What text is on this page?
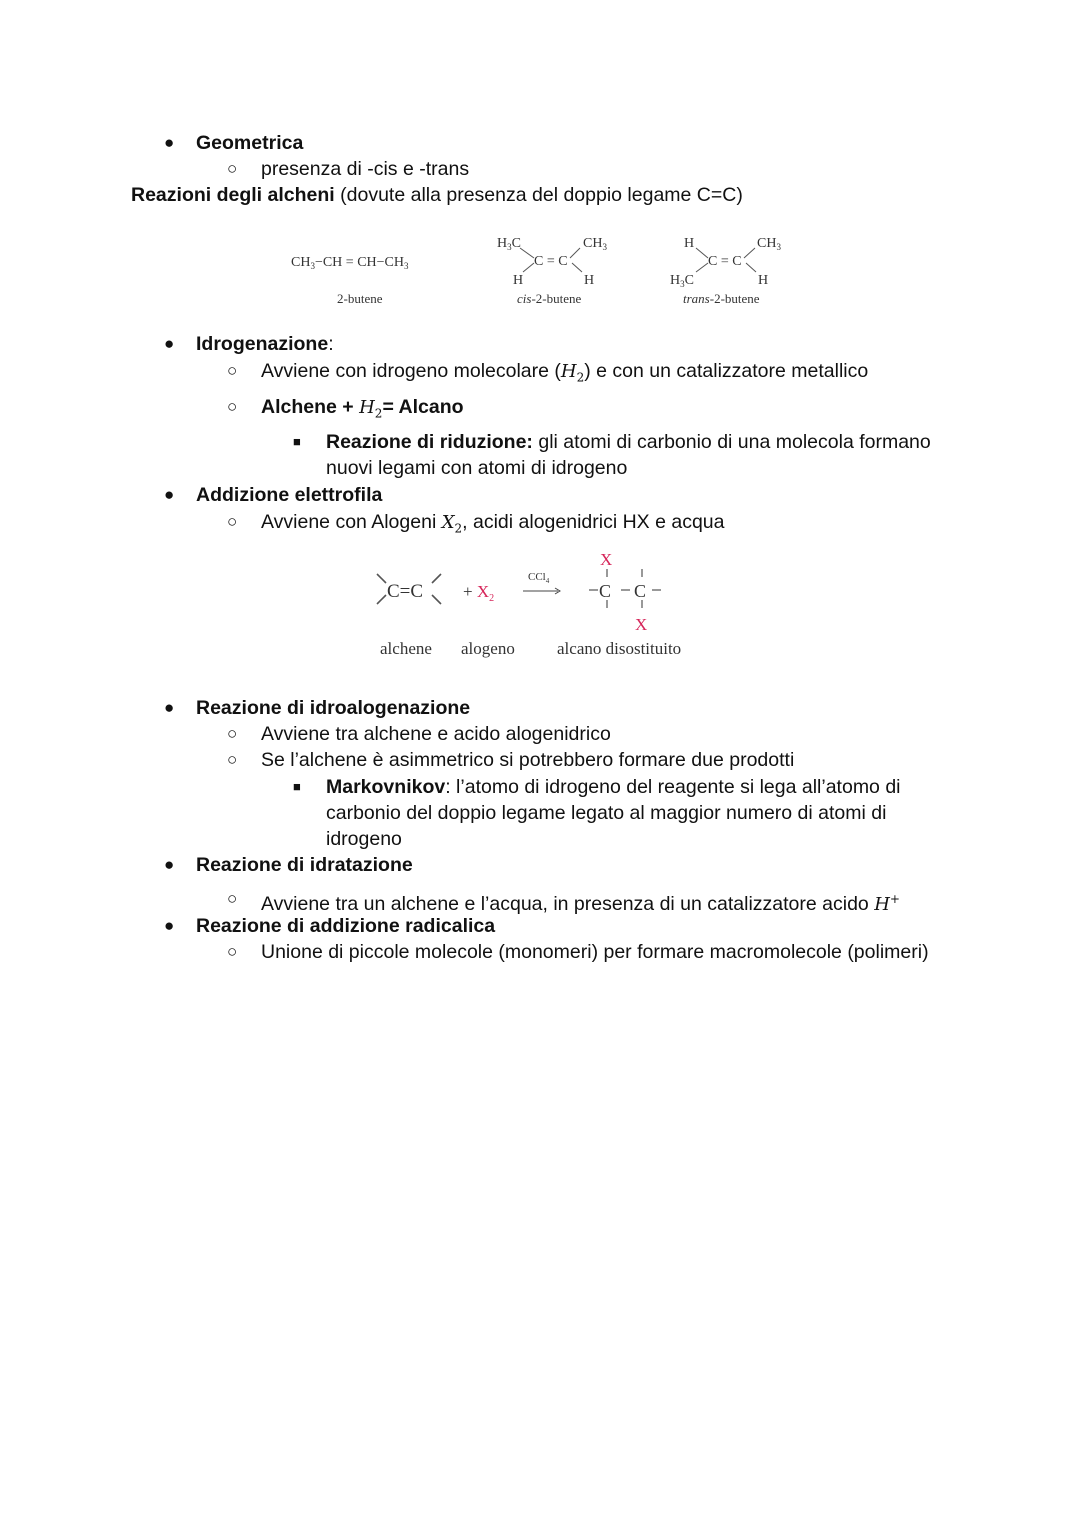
● Geometrica
○ presenza di -cis e -trans
Reazioni degli alcheni (dovute alla presenza del doppio legame C=C)
$CH_3-CH = CH-CH_3$
2-butene
$H_3C$	$CH_3$
C = C
H	H
cis-2-butene
H	$CH_3$
C = C
$H_3C$	H
trans-2-butene
● Idrogenazione:
○ Avviene con idrogeno molecolare $(H_2)$ e con un catalizzatore metallico
○ Alchene + $H_2=$ Alcano
■ Reazione di riduzione: gli atomi di carbonio di una molecola formano
nuovi legami con atomi di idrogeno
● Addizione elettrofila
○ Avviene con Alogeni $X_2$, acidi alogenidrici HX e acqua
$C=C + X_2$
CCl$_4$
X
C C
X
alchene alogeno alcano disostituito
● Reazione di idroalogenazione
○ Avviene tra alchene e acido alogenidrico
○ Se l’alchene è asimmetrico si potrebbero formare due prodotti
■ Markovnikov: l’atomo di idrogeno del reagente si lega all’atomo di
carbonio del doppio legame legato al maggior numero di atomi di
idrogeno
● Reazione di idratazione
○ Avviene tra un alchene e l’acqua, in presenza di un catalizzatore acido H+
● Reazione di addizione radicalica
○ Unione di piccole molecole (monomeri) per formare macromolecole (polimeri)
